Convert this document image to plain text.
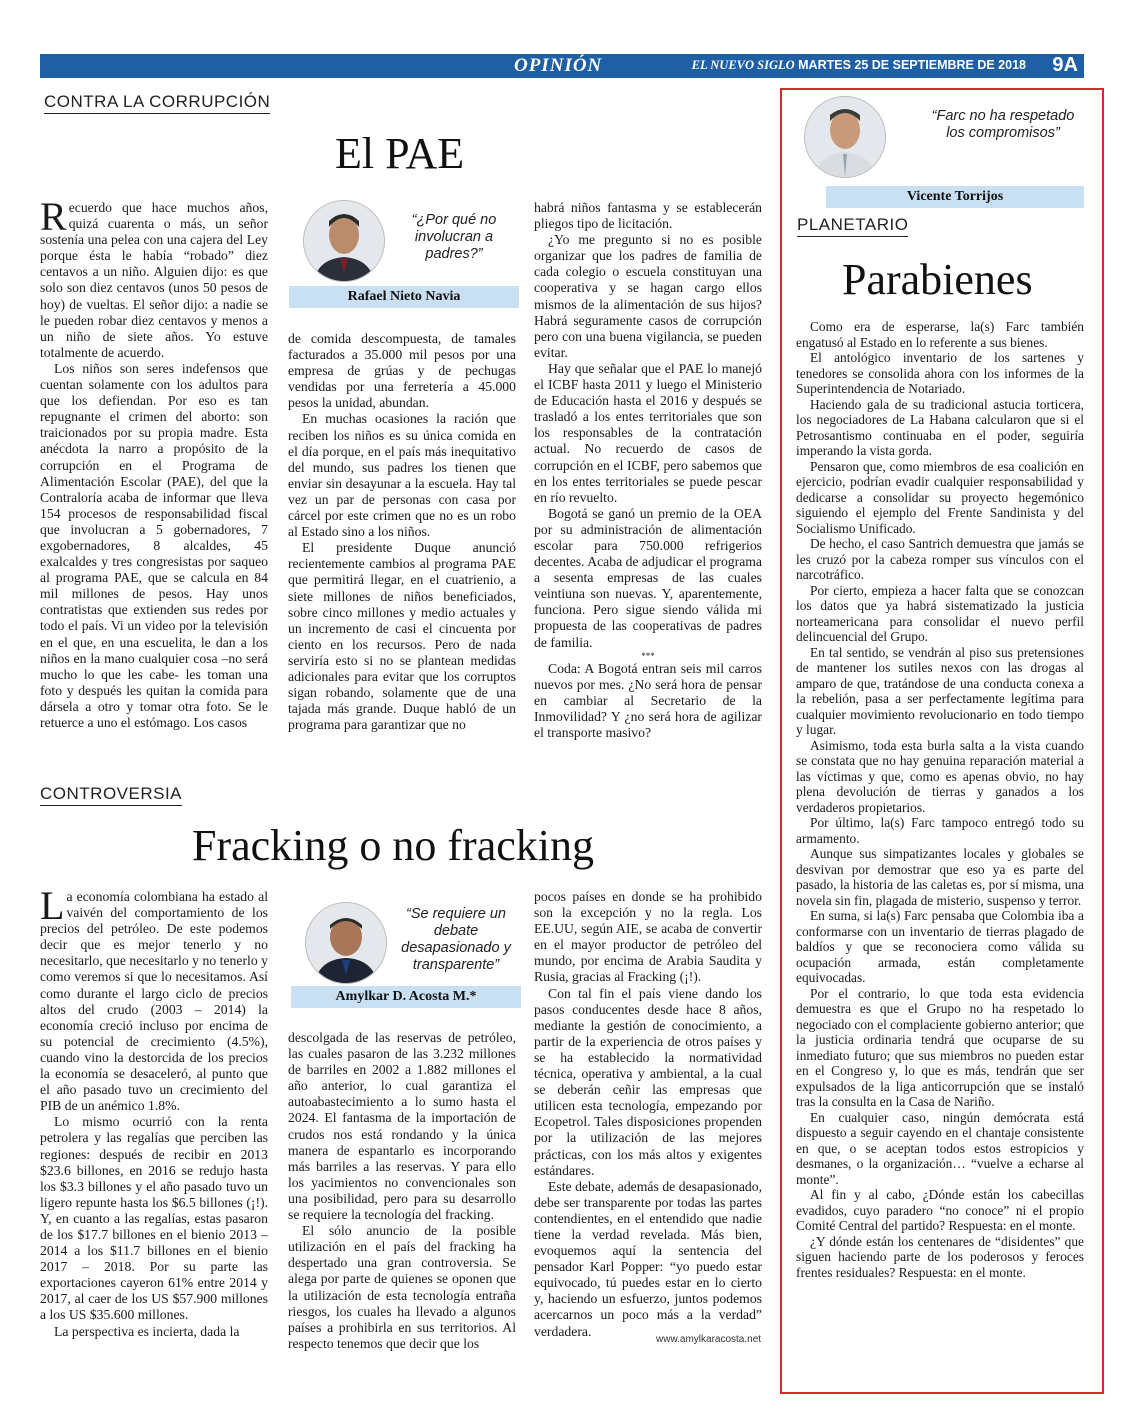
OPINIÓN	EL NUEVO SIGLO MARTES 25 DE SEPTIEMBRE DE 2018 9A
CONTRA LA CORRUPCIÓN
El PAE

Recuerdo que hace muchos años, quizá cuarenta o más, un señor sostenía una pelea con una cajera del Ley porque ésta le había “robado” diez centavos a un niño. Alguien dijo: es que solo son diez centavos (unos 50 pesos de hoy) de vueltas. El señor dijo: a nadie se le pueden robar diez centavos y menos a un niño de siete años. Yo estuve totalmente de acuerdo.

Los niños son seres indefensos que cuentan solamente con los adultos para que los defiendan. Por eso es tan repugnante el crimen del aborto: son traicionados por su propia madre. Esta anécdota la narro a propósito de la corrupción en el Programa de Alimentación Escolar (PAE), del que la Contraloría acaba de informar que lleva 154 procesos de responsabilidad fiscal que involucran a 5 gobernadores, 7 exgobernadores, 8 alcaldes, 45 exalcaldes y tres congresistas por saqueo al programa PAE, que se calcula en 84 mil millones de pesos. Hay unos contratistas que extienden sus redes por todo el país. Vi un video por la televisión en el que, en una escuelita, le dan a los niños en la mano cualquier cosa –no será mucho lo que les cabe- les toman una foto y después les quitan la comida para dársela a otro y tomar otra foto. Se le retuerce a uno el estómago. Los casos

“¿Por qué no involucran a padres?”
Rafael Nieto Navia

de comida descompuesta, de tamales facturados a 35.000 mil pesos por una empresa de grúas y de pechugas vendidas por una ferretería a 45.000 pesos la unidad, abundan.

En muchas ocasiones la ración que reciben los niños es su única comida en el día porque, en el país más inequitativo del mundo, sus padres los tienen que enviar sin desayunar a la escuela. Hay tal vez un par de personas con casa por cárcel por este crimen que no es un robo al Estado sino a los niños.

El presidente Duque anunció recientemente cambios al programa PAE que permitirá llegar, en el cuatrienio, a siete millones de niños beneficiados, sobre cinco millones y medio actuales y un incremento de casi el cincuenta por ciento en los recursos. Pero de nada serviría esto si no se plantean medidas adicionales para evitar que los corruptos sigan robando, solamente que de una tajada más grande. Duque habló de un programa para garantizar que no

habrá niños fantasma y se establecerán pliegos tipo de licitación.

¿Yo me pregunto si no es posible organizar que los padres de familia de cada colegio o escuela constituyan una cooperativa y se hagan cargo ellos mismos de la alimentación de sus hijos? Habrá seguramente casos de corrupción pero con una buena vigilancia, se pueden evitar.

Hay que señalar que el PAE lo manejó el ICBF hasta 2011 y luego el Ministerio de Educación hasta el 2016 y después se trasladó a los entes territoriales que son los responsables de la contratación actual. No recuerdo de casos de corrupción en el ICBF, pero sabemos que en los entes territoriales se puede pescar en río revuelto.

Bogotá se ganó un premio de la OEA por su administración de alimentación escolar para 750.000 refrigerios decentes. Acaba de adjudicar el programa a sesenta empresas de las cuales veintiuna son nuevas. Y, aparentemente, funciona. Pero sigue siendo válida mi propuesta de las cooperativas de padres de familia.

***

Coda: A Bogotá entran seis mil carros nuevos por mes. ¿No será hora de pensar en cambiar al Secretario de la Inmovilidad? Y ¿no será hora de agilizar el transporte masivo?

CONTROVERSIA
Fracking o no fracking

La economía colombiana ha estado al vaivén del comportamiento de los precios del petróleo. De este podemos decir que es mejor tenerlo y no necesitarlo, que necesitarlo y no tenerlo y como veremos si que lo necesitamos. Así como durante el largo ciclo de precios altos del crudo (2003 – 2014) la economía creció incluso por encima de su potencial de crecimiento (4.5%), cuando vino la destorcida de los precios la economía se desaceleró, al punto que el año pasado tuvo un crecimiento del PIB de un anémico 1.8%.

Lo mismo ocurrió con la renta petrolera y las regalías que perciben las regiones: después de recibir en 2013 $23.6 billones, en 2016 se redujo hasta los $3.3 billones y el año pasado tuvo un ligero repunte hasta los $6.5 billones (¡!). Y, en cuanto a las regalías, estas pasaron de los $17.7 billones en el bienio 2013 – 2014 a los $11.7 billones en el bienio 2017 – 2018. Por su parte las exportaciones cayeron 61% entre 2014 y 2017, al caer de los US $57.900 millones a los US $35.600 millones.

La perspectiva es incierta, dada la

“Se requiere un debate desapasionado y transparente”
Amylkar D. Acosta M.*

descolgada de las reservas de petróleo, las cuales pasaron de las 3.232 millones de barriles en 2002 a 1.882 millones el año anterior, lo cual garantiza el autoabastecimiento a lo sumo hasta el 2024. El fantasma de la importación de crudos nos está rondando y la única manera de espantarlo es incorporando más barriles a las reservas. Y para ello los yacimientos no convencionales son una posibilidad, pero para su desarrollo se requiere la tecnología del fracking.

El sólo anuncio de la posible utilización en el país del fracking ha despertado una gran controversia. Se alega por parte de quienes se oponen que la utilización de esta tecnología entraña riesgos, los cuales ha llevado a algunos países a prohibirla en sus territorios. Al respecto tenemos que decir que los

pocos países en donde se ha prohibido son la excepción y no la regla. Los EE.UU, según AIE, se acaba de convertir en el mayor productor de petróleo del mundo, por encima de Arabia Saudita y Rusia, gracias al Fracking (¡!).

Con tal fin el país viene dando los pasos conducentes desde hace 8 años, mediante la gestión de conocimiento, a partir de la experiencia de otros países y se ha establecido la normatividad técnica, operativa y ambiental, a la cual se deberán ceñir las empresas que utilicen esta tecnología, empezando por Ecopetrol. Tales disposiciones propenden por la utilización de las mejores prácticas, con los más altos y exigentes estándares.

Este debate, además de desapasionado, debe ser transparente por todas las partes contendientes, en el entendido que nadie tiene la verdad revelada. Más bien, evoquemos aquí la sentencia del pensador Karl Popper: “yo puedo estar equivocado, tú puedes estar en lo cierto y, haciendo un esfuerzo, juntos podemos acercarnos un poco más a la verdad” verdadera.

www.amylkaracosta.net
“Farc no ha respetado los compromisos”
Vicente Torrijos
PLANETARIO
Parabienes

Como era de esperarse, la(s) Farc también engatusó al Estado en lo referente a sus bienes.

El antológico inventario de los sartenes y tenedores se consolida ahora con los informes de la Superintendencia de Notariado.

Haciendo gala de su tradicional astucia torticera, los negociadores de La Habana calcularon que si el Petrosantismo continuaba en el poder, seguiría imperando la vista gorda.

Pensaron que, como miembros de esa coalición en ejercicio, podrían evadir cualquier responsabilidad y dedicarse a consolidar su proyecto hegemónico siguiendo el ejemplo del Frente Sandinista y del Socialismo Unificado.

De hecho, el caso Santrich demuestra que jamás se les cruzó por la cabeza romper sus vínculos con el narcotráfico.

Por cierto, empieza a hacer falta que se conozcan los datos que ya habrá sistematizado la justicia norteamericana para consolidar el nuevo perfil delincuencial del Grupo.

En tal sentido, se vendrán al piso sus pretensiones de mantener los sutiles nexos con las drogas al amparo de que, tratándose de una conducta conexa a la rebelión, pasa a ser perfectamente legítima para cualquier movimiento revolucionario en todo tiempo y lugar.

Asimismo, toda esta burla salta a la vista cuando se constata que no hay genuina reparación material a las víctimas y que, como es apenas obvio, no hay plena devolución de tierras y ganados a los verdaderos propietarios.

Por último, la(s) Farc tampoco entregó todo su armamento.

Aunque sus simpatizantes locales y globales se desvivan por demostrar que eso ya es parte del pasado, la historia de las caletas es, por sí misma, una novela sin fin, plagada de misterio, suspenso y terror.

En suma, si la(s) Farc pensaba que Colombia iba a conformarse con un inventario de tierras plagado de baldíos y que se reconociera como válida su ocupación armada, están completamente equivocadas.

Por el contrario, lo que toda esta evidencia demuestra es que el Grupo no ha respetado lo negociado con el complaciente gobierno anterior; que la justicia ordinaria tendrá que ocuparse de su inmediato futuro; que sus miembros no pueden estar en el Congreso y, lo que es más, tendrán que ser expulsados de la liga anticorrupción que se instaló tras la consulta en la Casa de Nariño.

En cualquier caso, ningún demócrata está dispuesto a seguir cayendo en el chantaje consistente en que, o se aceptan todos estos estropicios y desmanes, o la organización… “vuelve a echarse al monte”.

Al fin y al cabo, ¿Dónde están los cabecillas evadidos, cuyo paradero “no conoce” ni el propio Comité Central del partido? Respuesta: en el monte.

¿Y dónde están los centenares de “disidentes” que siguen haciendo parte de los poderosos y feroces frentes residuales? Respuesta: en el monte.
